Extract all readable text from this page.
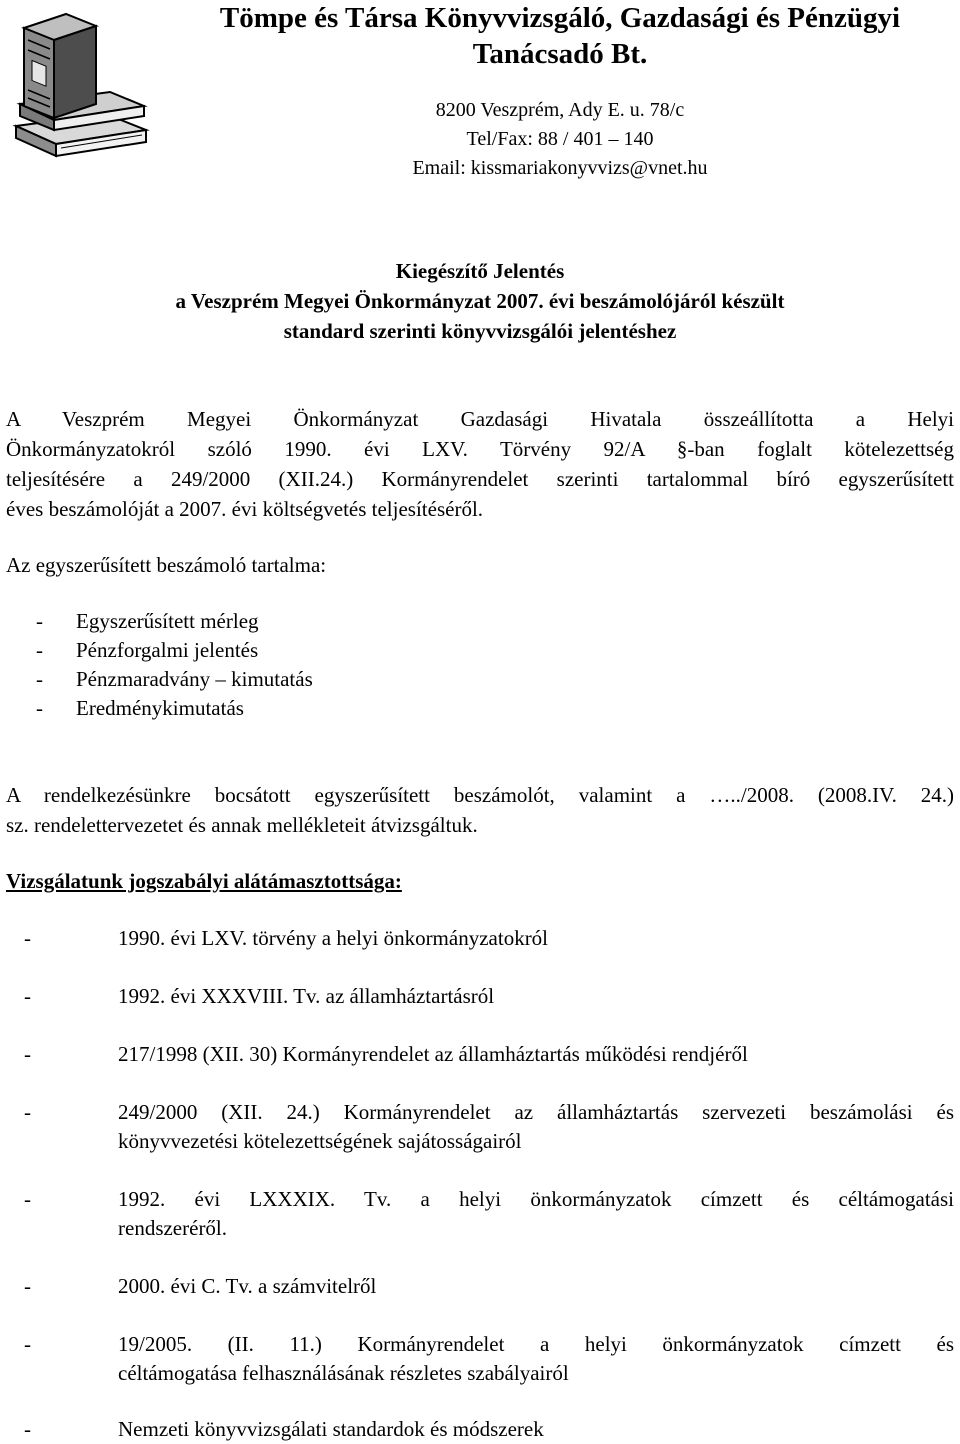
Tömpe és Társa Könyvvizsgáló, Gazdasági és Pénzügyi
Tanácsadó Bt.
8200 Veszprém, Ady E. u. 78/c
Tel/Fax: 88 / 401 – 140
Email: kissmariakonyvvizs@vnet.hu
Kiegészítő Jelentés
a Veszprém Megyei Önkormányzat 2007. évi beszámolójáról készült
standard szerinti könyvvizsgálói jelentéshez
A Veszprém Megyei Önkormányzat Gazdasági Hivatala összeállította a Helyi
Önkormányzatokról szóló 1990. évi LXV. Törvény 92/A §-ban foglalt kötelezettség
teljesítésére a 249/2000 (XII.24.) Kormányrendelet szerinti tartalommal bíró egyszerűsített
éves beszámolóját a 2007. évi költségvetés teljesítéséről.
Az egyszerűsített beszámoló tartalma:
- Egyszerűsített mérleg
- Pénzforgalmi jelentés
- Pénzmaradvány – kimutatás
- Eredménykimutatás
A rendelkezésünkre bocsátott egyszerűsített beszámolót, valamint a …../2008. (2008.IV. 24.)
sz. rendelettervezetet és annak mellékleteit átvizsgáltuk.
Vizsgálatunk jogszabályi alátámasztottsága:
-	1990. évi LXV. törvény a helyi önkormányzatokról
-	1992. évi XXXVIII. Tv. az államháztartásról
-	217/1998 (XII. 30) Kormányrendelet az államháztartás működési rendjéről
-	249/2000 (XII. 24.) Kormányrendelet az államháztartás szervezeti beszámolási és
könyvvezetési kötelezettségének sajátosságairól
-	1992. évi LXXXIX. Tv. a helyi önkormányzatok címzett és céltámogatási
rendszeréről.
-	2000. évi C. Tv. a számvitelről
-	19/2005. (II. 11.) Kormányrendelet a helyi önkormányzatok címzett és
céltámogatása felhasználásának részletes szabályairól
-	Nemzeti könyvvizsgálati standardok és módszerek
